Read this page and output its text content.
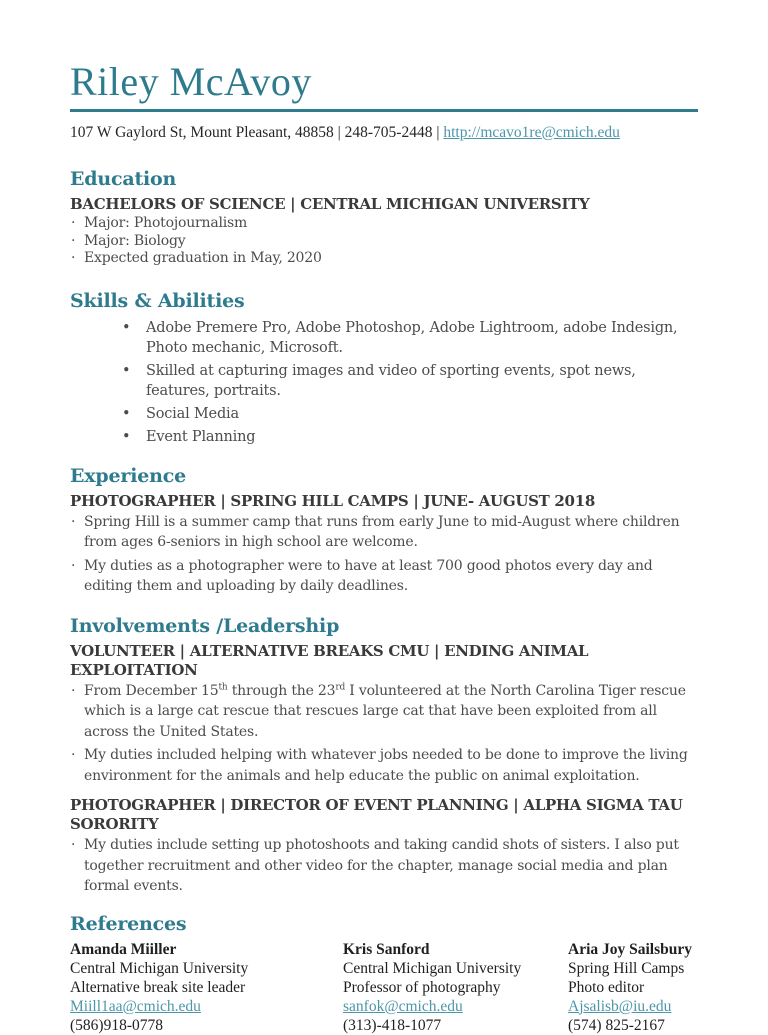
Riley McAvoy

107 W Gaylord St, Mount Pleasant, 48858 | 248-705-2448 | http://mcavo1re@cmich.edu

Education

BACHELORS OF SCIENCE | CENTRAL MICHIGAN UNIVERSITY

· Major: Photojournalism
· Major: Biology
· Expected graduation in May, 2020
Skills & Abilities
• Adobe Premere Pro, Adobe Photoshop, Adobe Lightroom, adobe Indesign, Photo mechanic, Microsoft.
• Skilled at capturing images and video of sporting events, spot news, features, portraits.
• Social Media
• Event Planning
Experience

PHOTOGRAPHER | SPRING HILL CAMPS | JUNE- AUGUST 2018

· Spring Hill is a summer camp that runs from early June to mid-August where children from ages 6-seniors in high school are welcome.
· My duties as a photographer were to have at least 700 good photos every day and editing them and uploading by daily deadlines.
Involvements /Leadership

VOLUNTEER | ALTERNATIVE BREAKS CMU | ENDING ANIMAL EXPLOITATION

· From December 15th through the 23rd I volunteered at the North Carolina Tiger rescue which is a large cat rescue that rescues large cat that have been exploited from all across the United States.
· My duties included helping with whatever jobs needed to be done to improve the living environment for the animals and help educate the public on animal exploitation.

PHOTOGRAPHER | DIRECTOR OF EVENT PLANNING | ALPHA SIGMA TAU SORORITY

· My duties include setting up photoshoots and taking candid shots of sisters. I also put together recruitment and other video for the chapter, manage social media and plan formal events.
References
Amanda Miiller
Central Michigan University
Alternative break site leader
Miill1aa@cmich.edu
(586)918-0778
Kris Sanford
Central Michigan University
Professor of photography
sanfok@cmich.edu
(313)-418-1077
Aria Joy Sailsbury
Spring Hill Camps
Photo editor
Ajsalisb@iu.edu
(574) 825-2167
